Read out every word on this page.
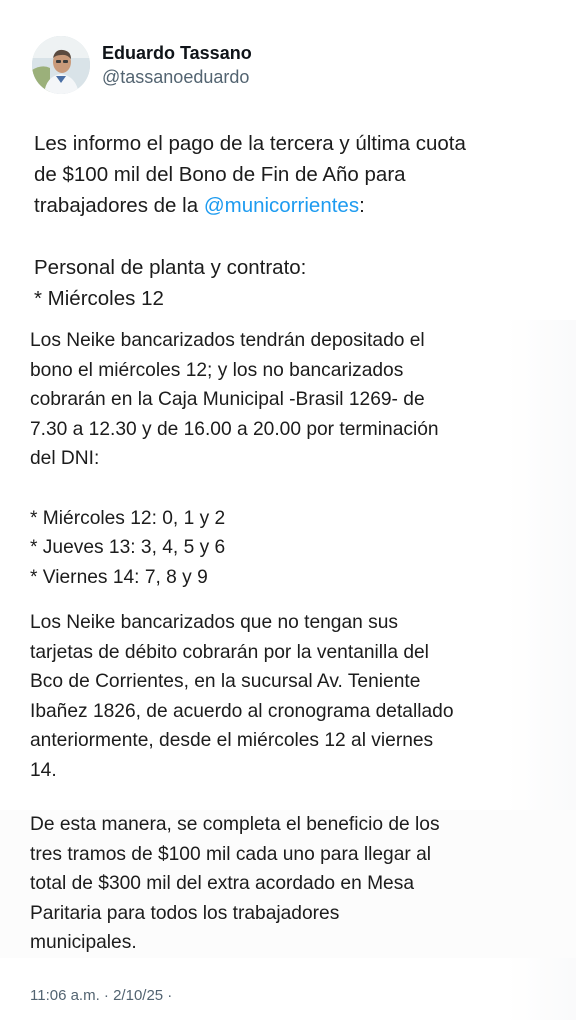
Eduardo Tassano
@tassanoeduardo

Les informo el pago de la tercera y última cuota

de $100 mil del Bono de Fin de Año para

trabajadores de la @municorrientes:

Personal de planta y contrato:

* Miércoles 12

Los Neike bancarizados tendrán depositado el

bono el miércoles 12; y los no bancarizados

cobrarán en la Caja Municipal -Brasil 1269- de

7.30 a 12.30 y de 16.00 a 20.00 por terminación

del DNI:

* Miércoles 12: 0, 1 y 2

* Jueves 13: 3, 4, 5 y 6

* Viernes 14: 7, 8 y 9

Los Neike bancarizados que no tengan sus

tarjetas de débito cobrarán por la ventanilla del

Bco de Corrientes, en la sucursal Av. Teniente

Ibañez 1826, de acuerdo al cronograma detallado

anteriormente, desde el miércoles 12 al viernes

14.

De esta manera, se completa el beneficio de los

tres tramos de $100 mil cada uno para llegar al

total de $300 mil del extra acordado en Mesa

Paritaria para todos los trabajadores

municipales.

11:06 a.m. · 2/10/25 ·
